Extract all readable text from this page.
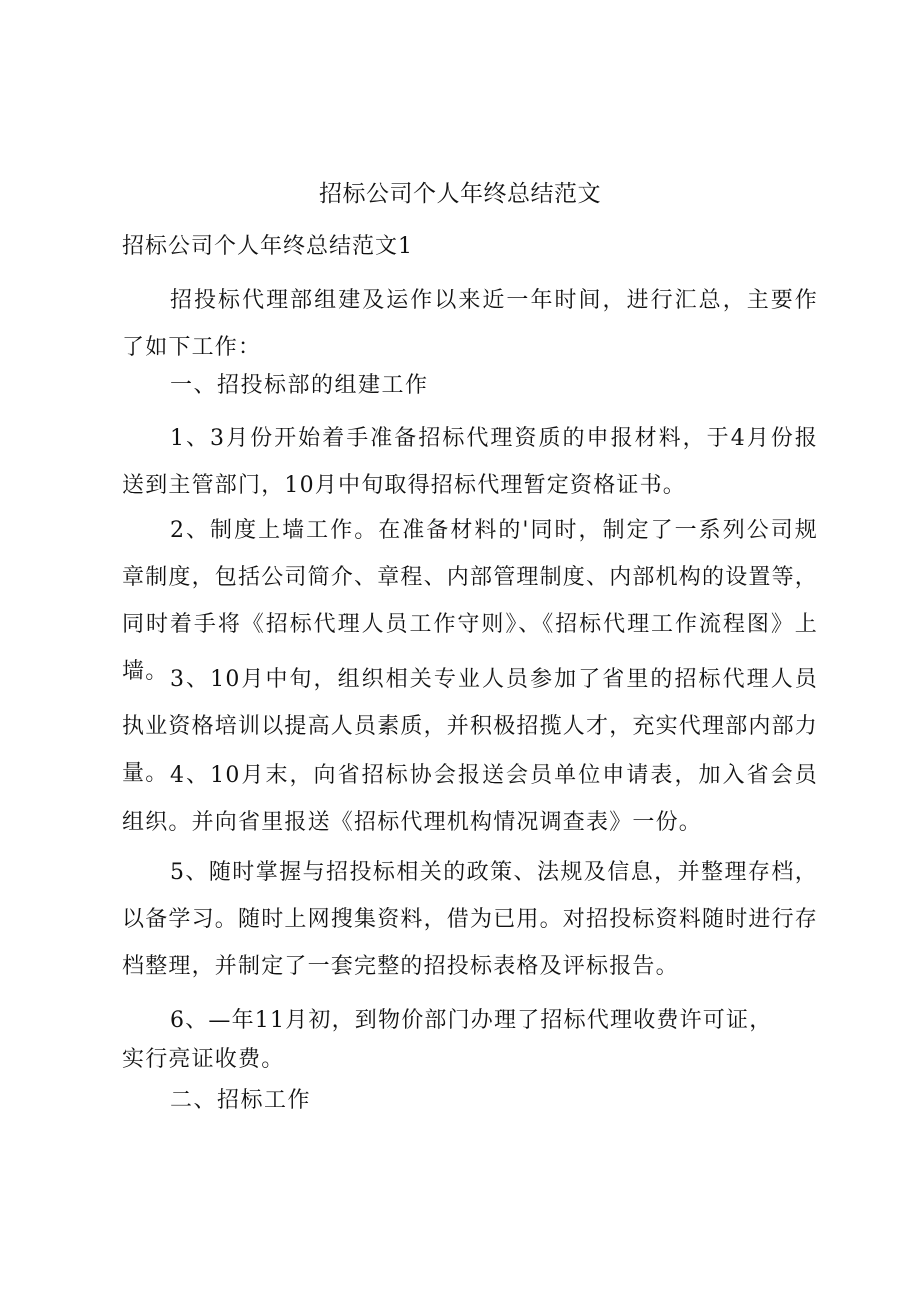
招标公司个人年终总结范文
招标公司个人年终总结范文1
招投标代理部组建及运作以来近一年时间，进行汇总，主要作了如下工作：
一、招投标部的组建工作
1、3月份开始着手准备招标代理资质的申报材料，于4月份报送到主管部门，10月中旬取得招标代理暂定资格证书。
2、制度上墙工作。在准备材料的'同时，制定了一系列公司规章制度，包括公司简介、章程、内部管理制度、内部机构的设置等，同时着手将《招标代理人员工作守则》、《招标代理工作流程图》上墙。 3、10月中旬，组织相关专业人员参加了省里的招标代理人员执业资格培训以提高人员素质，并积极招揽人才，充实代理部内部力量。 4、10月末，向省招标协会报送会员单位申请表，加入省会员组织。并向省里报送《招标代理机构情况调查表》一份。
5、随时掌握与招投标相关的政策、法规及信息，并整理存档，以备学习。随时上网搜集资料，借为已用。对招投标资料随时进行存档整理，并制定了一套完整的招投标表格及评标报告。
6、—年11月初，到物价部门办理了招标代理收费许可证，
实行亮证收费。
二、招标工作
